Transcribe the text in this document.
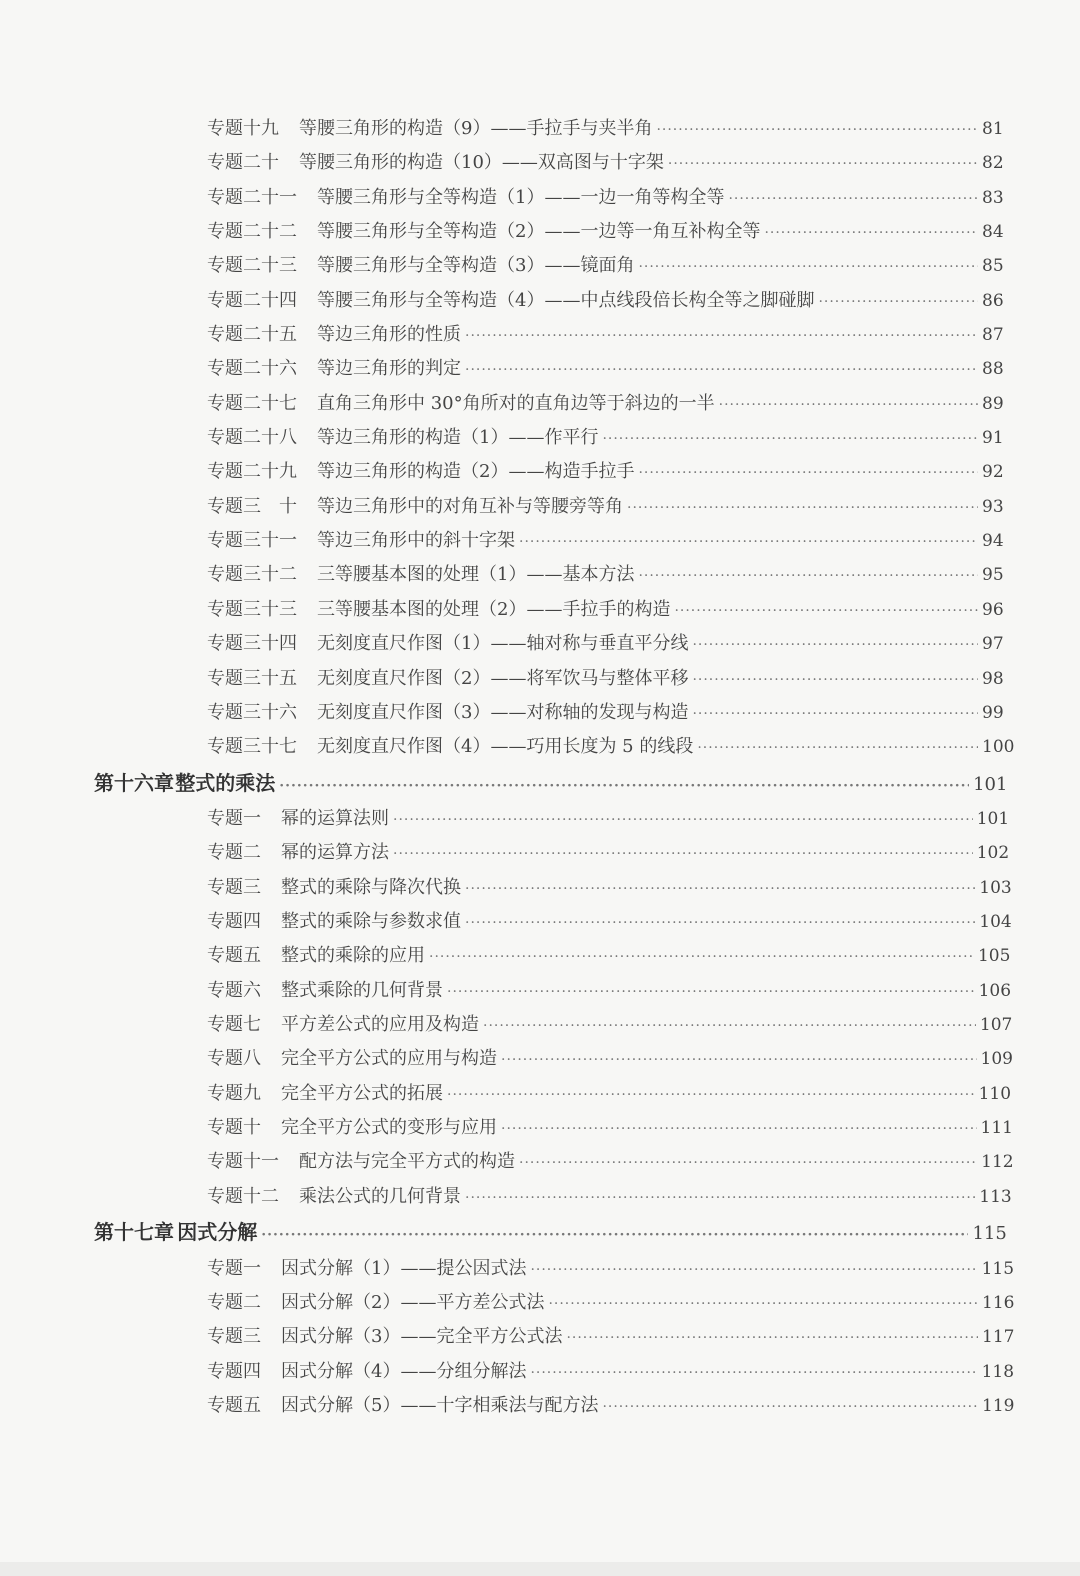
专题十九	等腰三角形的构造（9）——手拉手与夹半角 ·····	81
专题二十	等腰三角形的构造（10）——双高图与十字架 ·····	82
专题二十一	等腰三角形与全等构造（1）——一边一角等构全等 ·····	83
专题二十二	等腰三角形与全等构造（2）——一边等一角互补构全等 ·····	84
专题二十三	等腰三角形与全等构造（3）——镜面角 ·····	85
专题二十四	等腰三角形与全等构造（4）——中点线段倍长构全等之脚碰脚 ·····	86
专题二十五	等边三角形的性质 ·····	87
专题二十六	等边三角形的判定 ·····	88
专题二十七	直角三角形中 30°角所对的直角边等于斜边的一半 ·····	89
专题二十八	等边三角形的构造（1）——作平行 ·····	91
专题二十九	等边三角形的构造（2）——构造手拉手 ·····	92
专题三　十	等边三角形中的对角互补与等腰旁等角 ·····	93
专题三十一	等边三角形中的斜十字架 ·····	94
专题三十二	三等腰基本图的处理（1）——基本方法 ·····	95
专题三十三	三等腰基本图的处理（2）——手拉手的构造 ·····	96
专题三十四	无刻度直尺作图（1）——轴对称与垂直平分线 ·····	97
专题三十五	无刻度直尺作图（2）——将军饮马与整体平移 ·····	98
专题三十六	无刻度直尺作图（3）——对称轴的发现与构造 ·····	99
专题三十七	无刻度直尺作图（4）——巧用长度为 5 的线段 ·····	100
第十六章 整式的乘法 ·····	101
专题一	幂的运算法则 ·····	101
专题二	幂的运算方法 ·····	102
专题三	整式的乘除与降次代换 ·····	103
专题四	整式的乘除与参数求值 ·····	104
专题五	整式的乘除的应用 ·····	105
专题六	整式乘除的几何背景 ·····	106
专题七	平方差公式的应用及构造 ·····	107
专题八	完全平方公式的应用与构造 ·····	109
专题九	完全平方公式的拓展 ·····	110
专题十	完全平方公式的变形与应用 ·····	111
专题十一	配方法与完全平方式的构造 ·····	112
专题十二	乘法公式的几何背景 ·····	113
第十七章 因式分解 ·····	115
专题一	因式分解（1）——提公因式法 ·····	115
专题二	因式分解（2）——平方差公式法 ·····	116
专题三	因式分解（3）——完全平方公式法 ·····	117
专题四	因式分解（4）——分组分解法 ·····	118
专题五	因式分解（5）——十字相乘法与配方法 ·····	119
